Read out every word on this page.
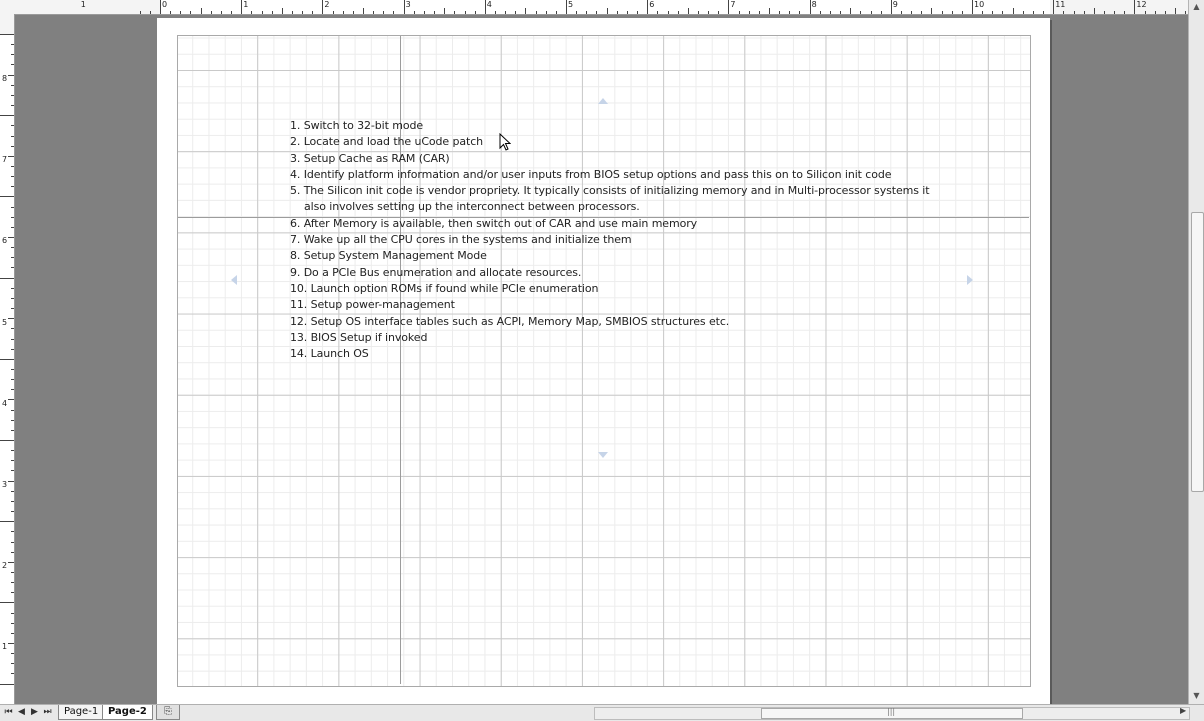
1	0	1	2	3	4	5	6	7	8	9	10	11	12
8
7
6
5
4
3
2
1
1. Switch to 32-bit mode
2. Locate and load the uCode patch
3. Setup Cache as RAM (CAR)
4. Identify platform information and/or user inputs from BIOS setup options and pass this on to Silicon init code
5. The Silicon init code is vendor propriety. It typically consists of initializing memory and in Multi-processor systems it
also involves setting up the interconnect between processors.
6. After Memory is available, then switch out of CAR and use main memory
7. Wake up all the CPU cores in the systems and initialize them
8. Setup System Management Mode
9. Do a PCIe Bus enumeration and allocate resources.
10. Launch option ROMs if found while PCIe enumeration
11. Setup power-management
12. Setup OS interface tables such as ACPI, Memory Map, SMBIOS structures etc.
13. BIOS Setup if invoked
14. Launch OS
▲
▼
⏮ ◀ ▶ ⏭	Page-1 Page-2	⎘	|||	▶
